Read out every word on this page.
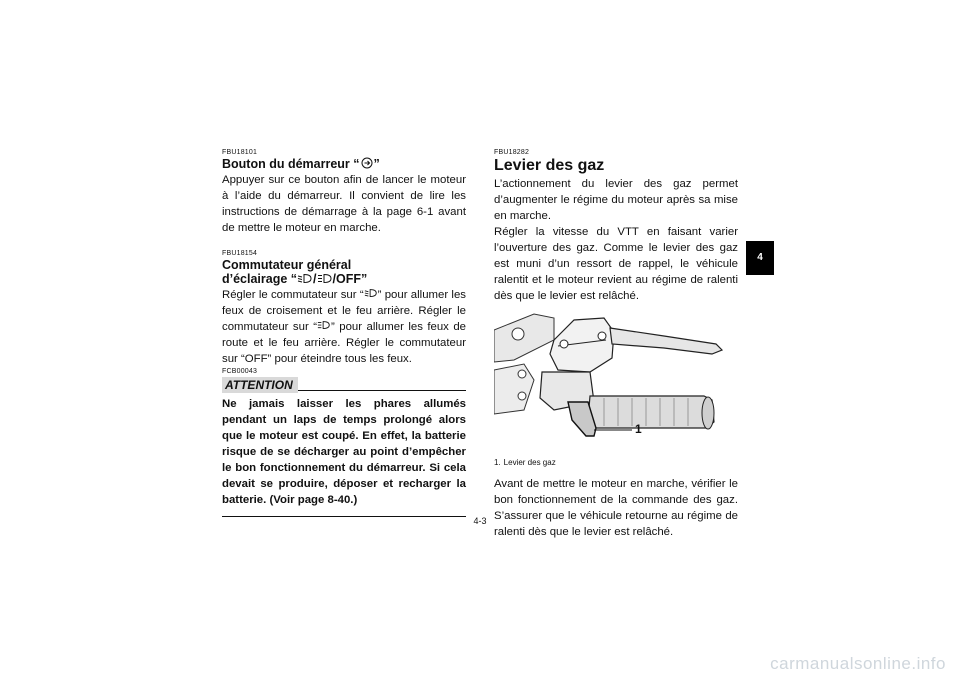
FBU18101

Bouton du démarreur “ ”

Appuyer sur ce bouton afin de lancer le moteur à l’aide du démarreur. Il convient de lire les instructions de démarrage à la page 6-1 avant de mettre le moteur en marche.

FBU18154

Commutateur général

d’éclairage “ / /OFF”

Régler le commutateur sur “ ” pour allumer les feux de croisement et le feu arrière. Régler le commutateur sur “ ” pour allumer les feux de route et le feu arrière. Régler le commutateur sur “OFF” pour éteindre tous les feux.

FCB00043

ATTENTION

Ne jamais laisser les phares allumés pendant un laps de temps prolongé alors que le moteur est coupé. En effet, la batterie risque de se décharger au point d’empêcher le bon fonctionnement du démarreur. Si cela devait se produire, déposer et recharger la batterie. (Voir page 8-40.)

FBU18282

Levier des gaz

L’actionnement du levier des gaz permet d’augmenter le régime du moteur après sa mise en marche.

Régler la vitesse du VTT en faisant varier l’ouverture des gaz. Comme le levier des gaz est muni d’un ressort de rappel, le véhicule ralentit et le moteur revient au régime de ralenti dès que le levier est relâché.

1

1. Levier des gaz

Avant de mettre le moteur en marche, vérifier le bon fonctionnement de la commande des gaz. S’assurer que le véhicule retourne au régime de ralenti dès que le levier est relâché.

4
4-3
carmanualsonline.info
